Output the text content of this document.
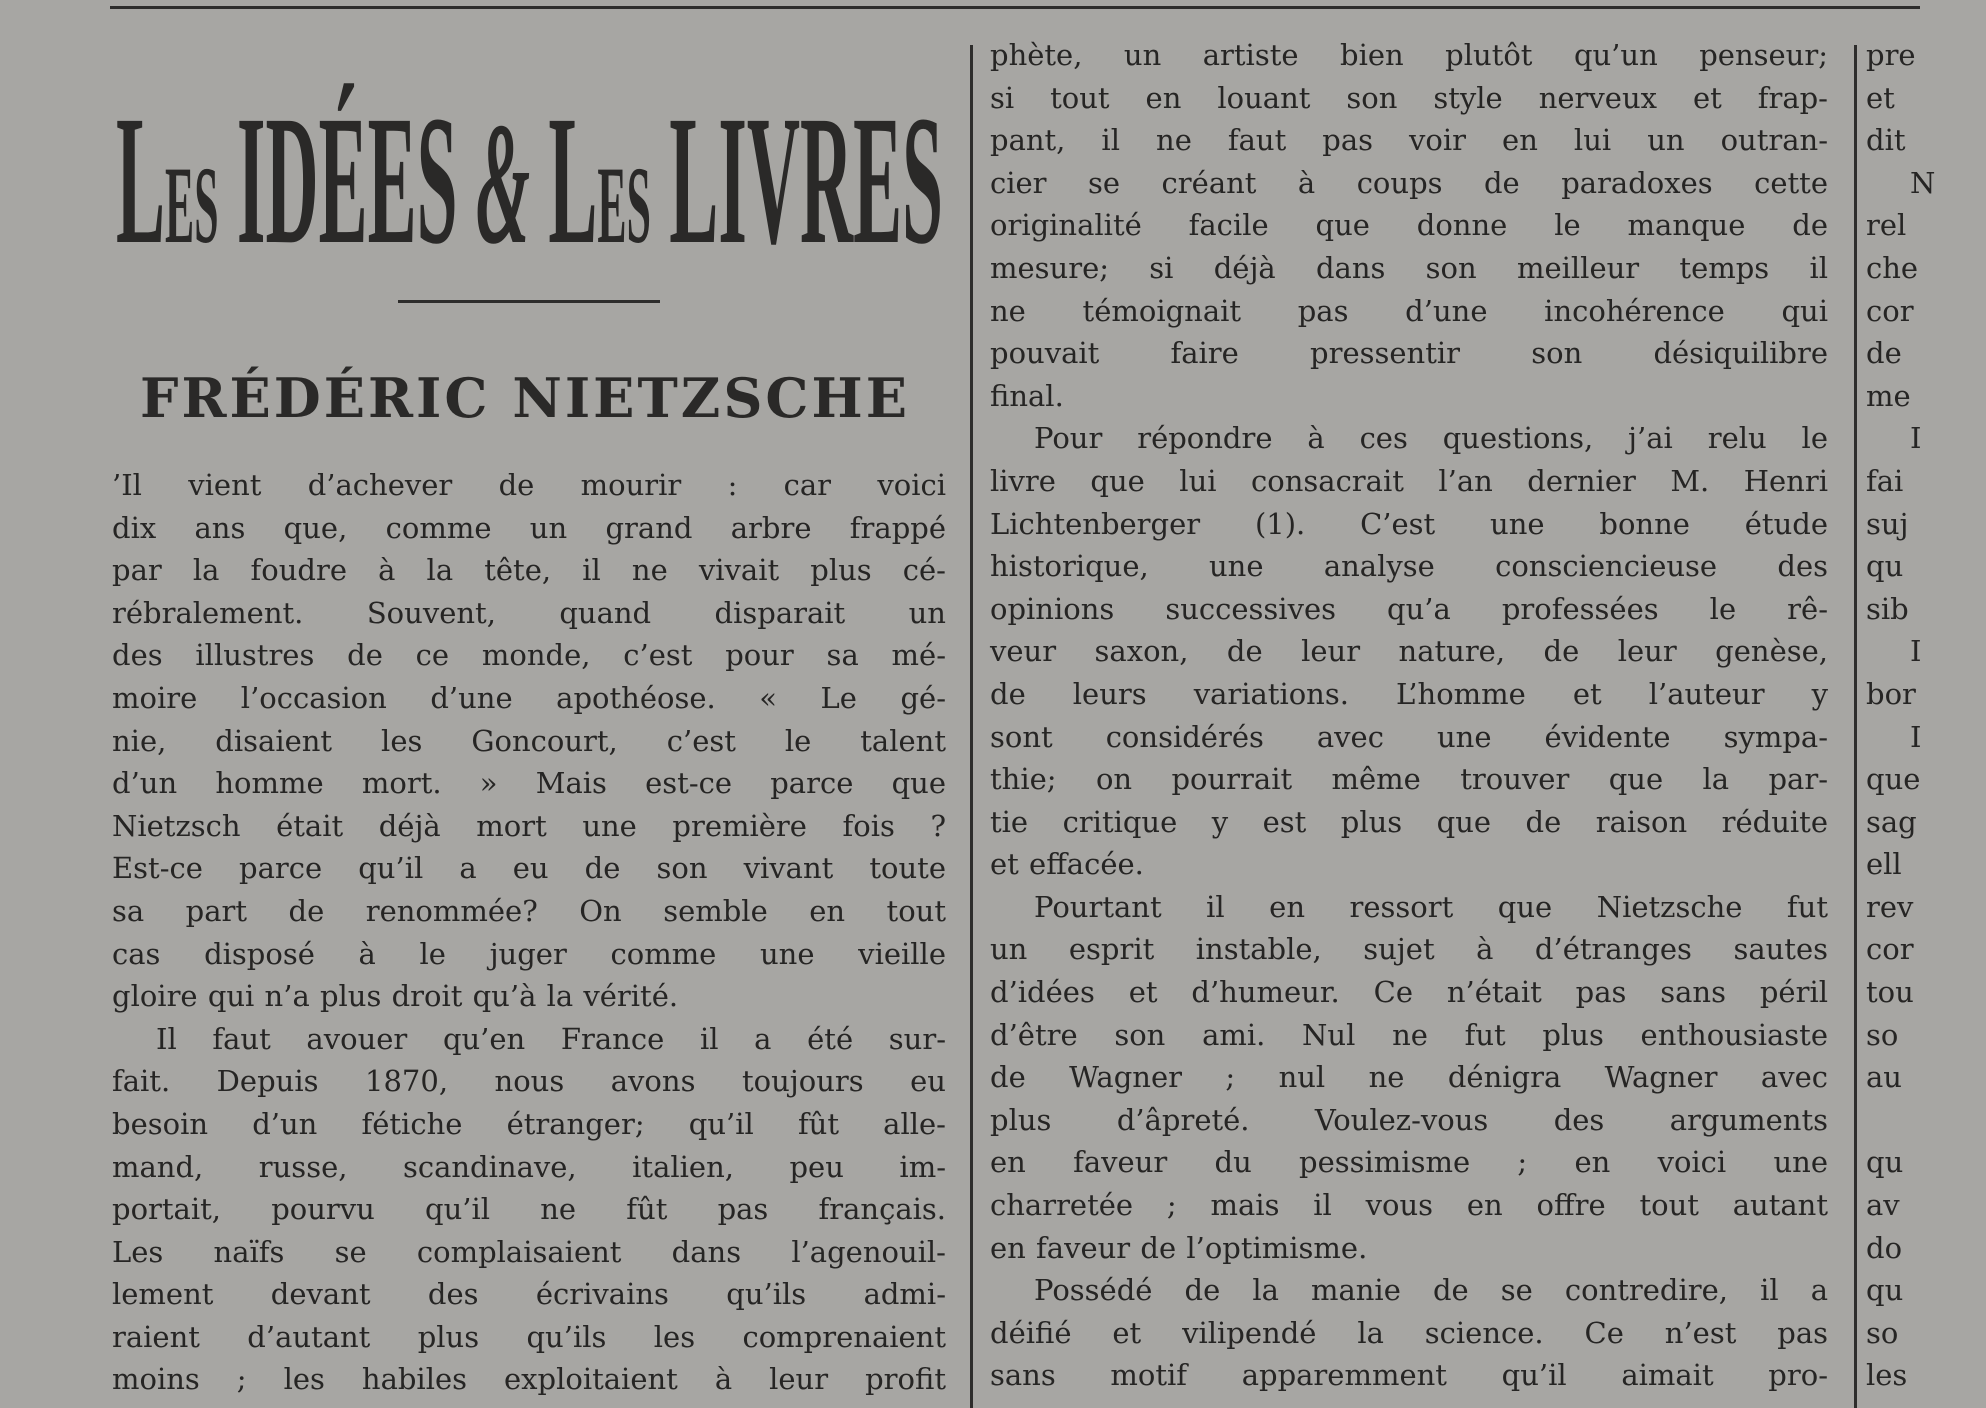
LES IDÉES & LES LIVRES
FRÉDÉRIC NIETZSCHE
’Il vient d’achever de mourir : car voici
dix ans que, comme un grand arbre frappé
par la foudre à la tête, il ne vivait plus cé-
rébralement. Souvent, quand disparait un
des illustres de ce monde, c’est pour sa mé-
moire l’occasion d’une apothéose. « Le gé-
nie, disaient les Goncourt, c’est le talent
d’un homme mort. » Mais est-ce parce que
Nietzsch était déjà mort une première fois ?
Est-ce parce qu’il a eu de son vivant toute
sa part de renommée? On semble en tout
cas disposé à le juger comme une vieille
gloire qui n’a plus droit qu’à la vérité.
Il faut avouer qu’en France il a été sur-
fait. Depuis 1870, nous avons toujours eu
besoin d’un fétiche étranger; qu’il fût alle-
mand, russe, scandinave, italien, peu im-
portait, pourvu qu’il ne fût pas français.
Les naïfs se complaisaient dans l’agenouil-
lement devant des écrivains qu’ils admi-
raient d’autant plus qu’ils les comprenaient
moins ; les habiles exploitaient à leur profit
phète, un artiste bien plutôt qu’un penseur;
si tout en louant son style nerveux et frap-
pant, il ne faut pas voir en lui un outran-
cier se créant à coups de paradoxes cette
originalité facile que donne le manque de
mesure; si déjà dans son meilleur temps il
ne témoignait pas d’une incohérence qui
pouvait faire pressentir son désiquilibre
final.
Pour répondre à ces questions, j’ai relu le
livre que lui consacrait l’an dernier M. Henri
Lichtenberger (1). C’est une bonne étude
historique, une analyse consciencieuse des
opinions successives qu’a professées le rê-
veur saxon, de leur nature, de leur genèse,
de leurs variations. L’homme et l’auteur y
sont considérés avec une évidente sympa-
thie; on pourrait même trouver que la par-
tie critique y est plus que de raison réduite
et effacée.
Pourtant il en ressort que Nietzsche fut
un esprit instable, sujet à d’étranges sautes
d’idées et d’humeur. Ce n’était pas sans péril
d’être son ami. Nul ne fut plus enthousiaste
de Wagner ; nul ne dénigra Wagner avec
plus d’âpreté. Voulez-vous des arguments
en faveur du pessimisme ; en voici une
charretée ; mais il vous en offre tout autant
en faveur de l’optimisme.
Possédé de la manie de se contredire, il a
déifié et vilipendé la science. Ce n’est pas
sans motif apparemment qu’il aimait pro-
pre
et
dit
N
rel
che
cor
de
me
I
fai
suj
qu
sib
I
bor
I
que
sag
ell
rev
cor
tou
so
au
qu
av
do
qu
so
les
